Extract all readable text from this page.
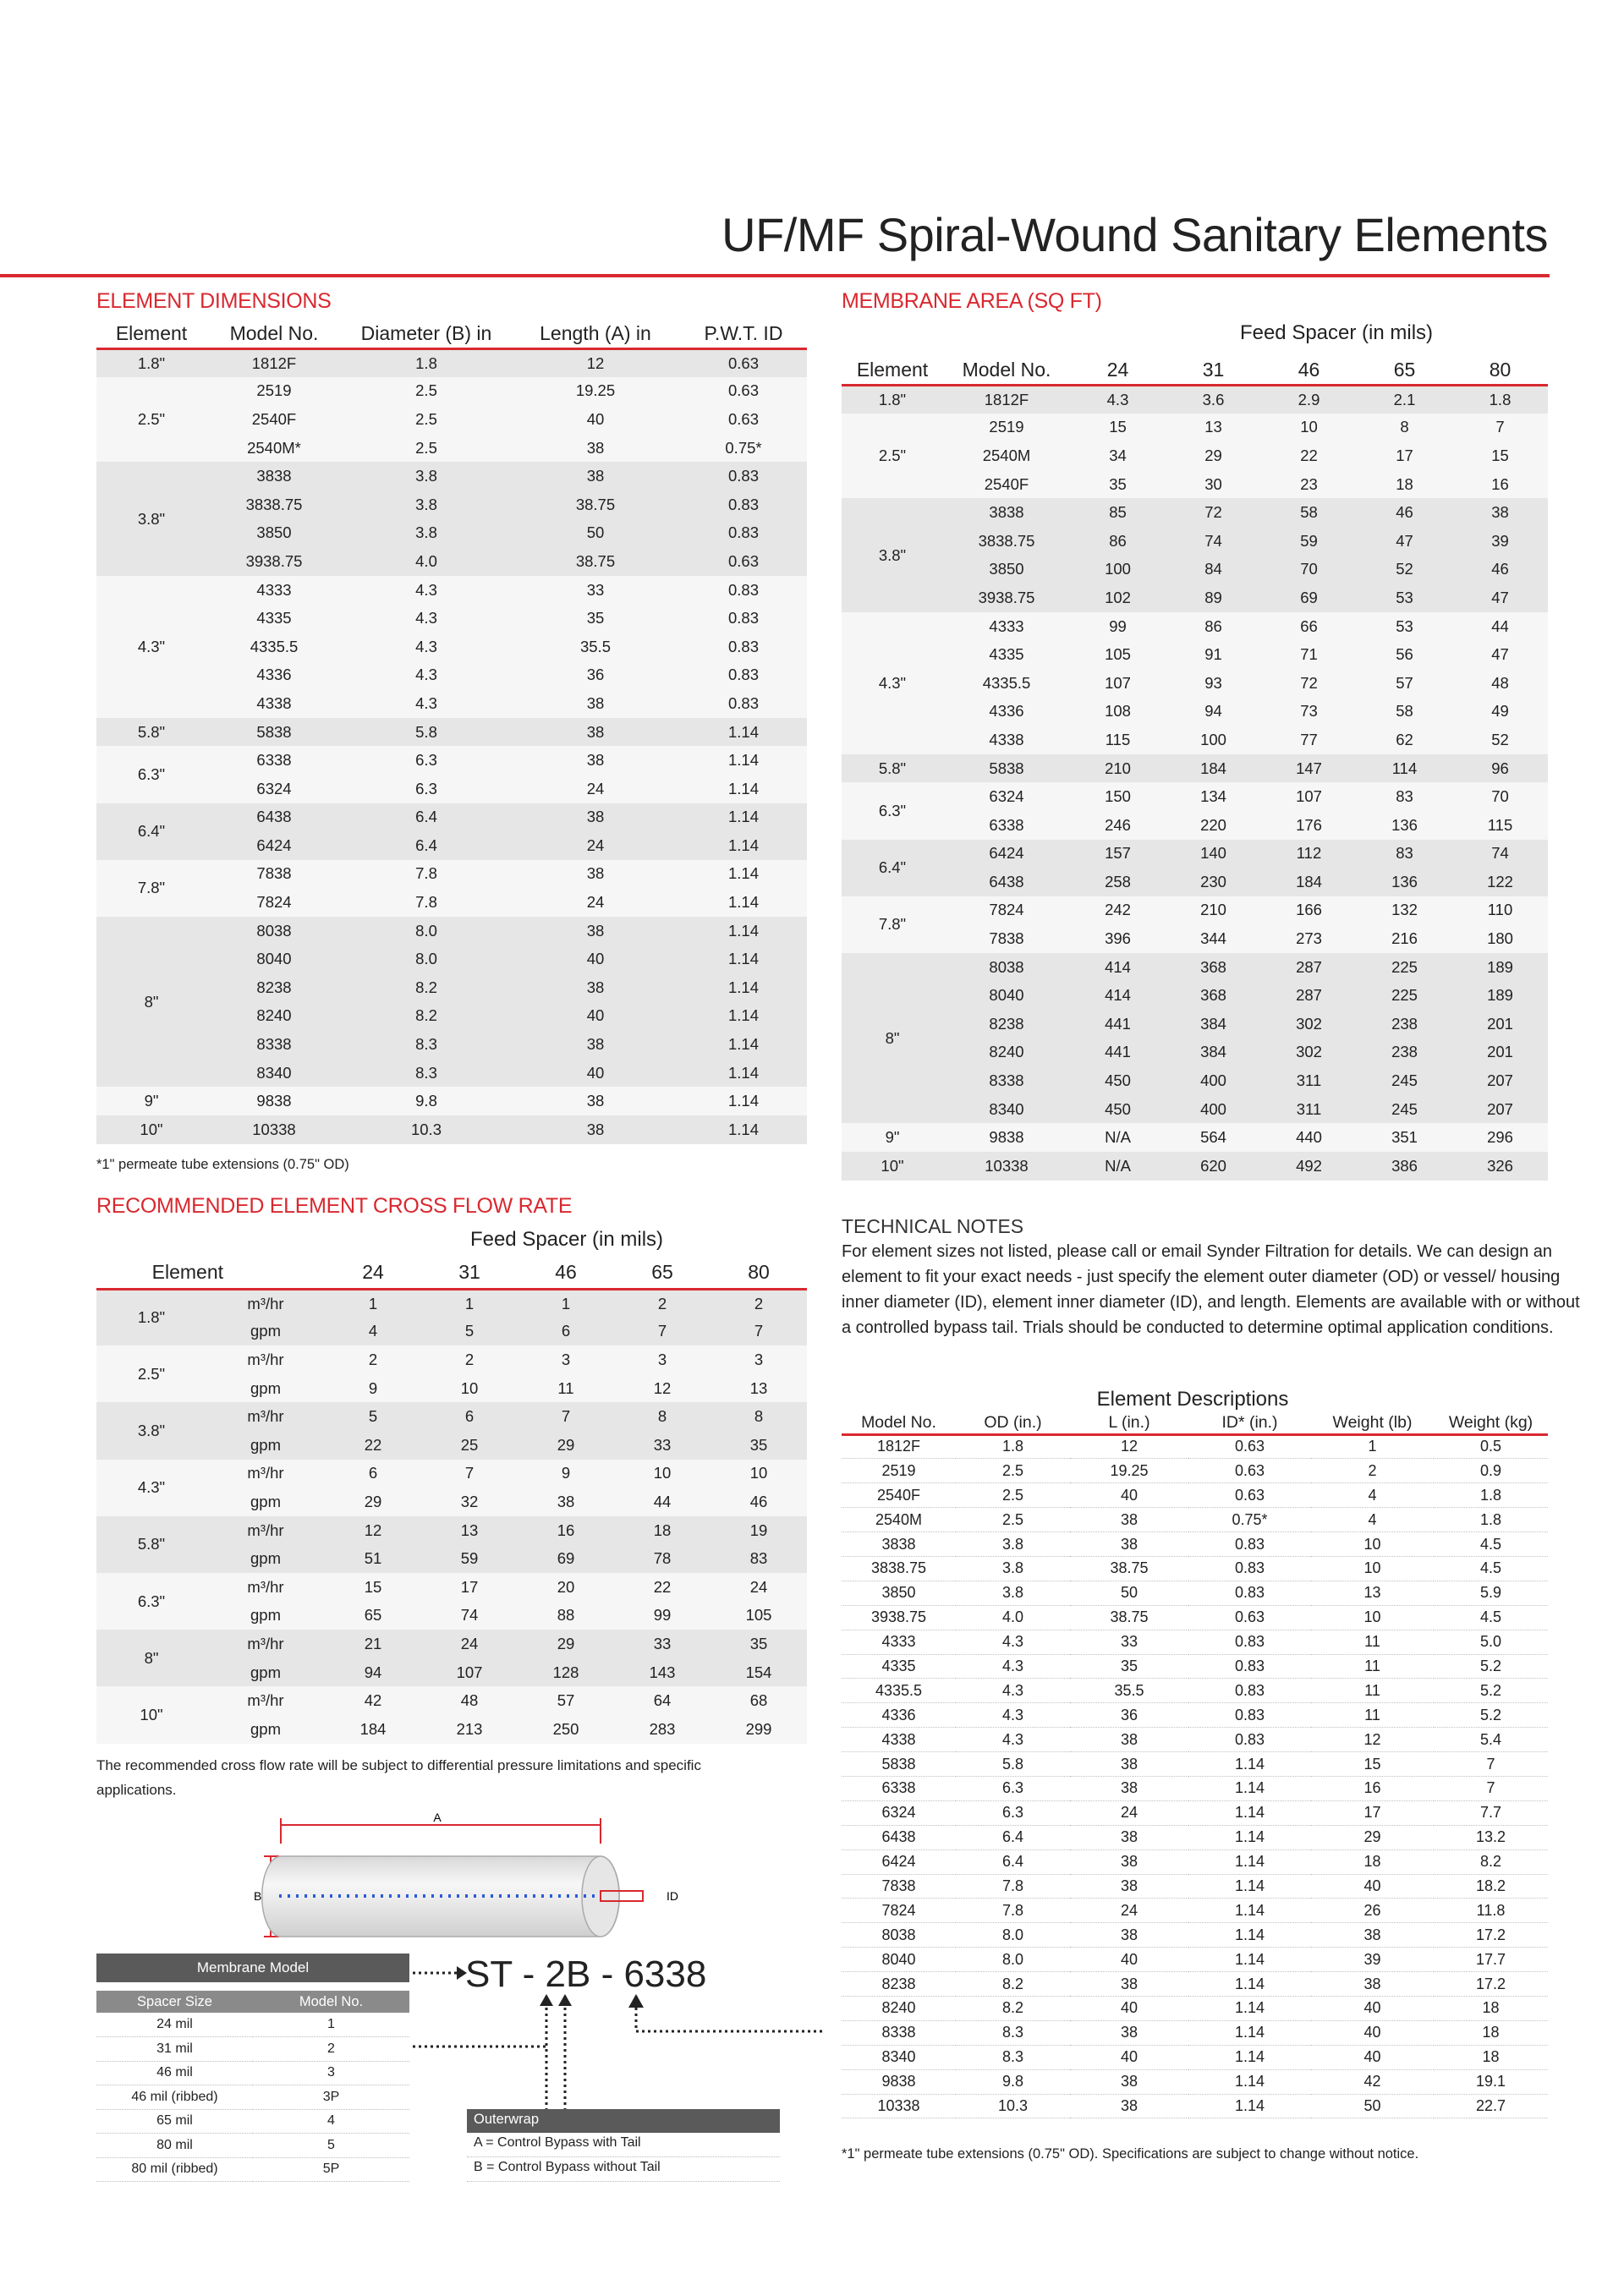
UF/MF Spiral-Wound Sanitary Elements
ELEMENT DIMENSIONS
Element	Model No.	Diameter (B) in	Length (A) in	P.W.T. ID
1.8"	1812F	1.8	12	0.63
2.5"	2519	2.5	19.25	0.63
	2540F	2.5	40	0.63
	2540M*	2.5	38	0.75*
3.8"	3838	3.8	38	0.83
	3838.75	3.8	38.75	0.83
	3850	3.8	50	0.83
	3938.75	4.0	38.75	0.63
4.3"	4333	4.3	33	0.83
	4335	4.3	35	0.83
	4335.5	4.3	35.5	0.83
	4336	4.3	36	0.83
	4338	4.3	38	0.83
5.8"	5838	5.8	38	1.14
6.3"	6338	6.3	38	1.14
	6324	6.3	24	1.14
6.4"	6438	6.4	38	1.14
	6424	6.4	24	1.14
7.8"	7838	7.8	38	1.14
	7824	7.8	24	1.14
8"	8038	8.0	38	1.14
	8040	8.0	40	1.14
	8238	8.2	38	1.14
	8240	8.2	40	1.14
	8338	8.3	38	1.14
	8340	8.3	40	1.14
9"	9838	9.8	38	1.14
10"	10338	10.3	38	1.14
*1" permeate tube extensions (0.75" OD)
MEMBRANE AREA (SQ FT)
Feed Spacer (in mils)
Element	Model No.	24	31	46	65	80
1.8"	1812F	4.3	3.6	2.9	2.1	1.8
2.5"	2519	15	13	10	8	7
	2540M	34	29	22	17	15
	2540F	35	30	23	18	16
3.8"	3838	85	72	58	46	38
	3838.75	86	74	59	47	39
	3850	100	84	70	52	46
	3938.75	102	89	69	53	47
4.3"	4333	99	86	66	53	44
	4335	105	91	71	56	47
	4335.5	107	93	72	57	48
	4336	108	94	73	58	49
	4338	115	100	77	62	52
5.8"	5838	210	184	147	114	96
6.3"	6324	150	134	107	83	70
	6338	246	220	176	136	115
6.4"	6424	157	140	112	83	74
	6438	258	230	184	136	122
7.8"	7824	242	210	166	132	110
	7838	396	344	273	216	180
8"	8038	414	368	287	225	189
	8040	414	368	287	225	189
	8238	441	384	302	238	201
	8240	441	384	302	238	201
	8338	450	400	311	245	207
	8340	450	400	311	245	207
9"	9838	N/A	564	440	351	296
10"	10338	N/A	620	492	386	326
RECOMMENDED ELEMENT CROSS FLOW RATE
Feed Spacer (in mils)
Element		24	31	46	65	80
1.8"	m³/hr	1	1	1	2	2
	gpm	4	5	6	7	7
2.5"	m³/hr	2	2	3	3	3
	gpm	9	10	11	12	13
3.8"	m³/hr	5	6	7	8	8
	gpm	22	25	29	33	35
4.3"	m³/hr	6	7	9	10	10
	gpm	29	32	38	44	46
5.8"	m³/hr	12	13	16	18	19
	gpm	51	59	69	78	83
6.3"	m³/hr	15	17	20	22	24
	gpm	65	74	88	99	105
8"	m³/hr	21	24	29	33	35
	gpm	94	107	128	143	154
10"	m³/hr	42	48	57	64	68
	gpm	184	213	250	283	299
The recommended cross flow rate will be subject to differential pressure limitations and specific applications.
TECHNICAL NOTES
For element sizes not listed, please call or email Synder Filtration for details. We can design an element to fit your exact needs - just specify the element outer diameter (OD) or vessel/ housing inner diameter (ID), element inner diameter (ID), and length. Elements are available with or without a controlled bypass tail. Trials should be conducted to determine optimal application conditions.
Element Descriptions
Model No.	OD (in.)	L (in.)	ID* (in.)	Weight (lb)	Weight (kg)
1812F	1.8	12	0.63	1	0.5
2519	2.5	19.25	0.63	2	0.9
2540F	2.5	40	0.63	4	1.8
2540M	2.5	38	0.75*	4	1.8
3838	3.8	38	0.83	10	4.5
3838.75	3.8	38.75	0.83	10	4.5
3850	3.8	50	0.83	13	5.9
3938.75	4.0	38.75	0.63	10	4.5
4333	4.3	33	0.83	11	5.0
4335	4.3	35	0.83	11	5.2
4335.5	4.3	35.5	0.83	11	5.2
4336	4.3	36	0.83	11	5.2
4338	4.3	38	0.83	12	5.4
5838	5.8	38	1.14	15	7
6338	6.3	38	1.14	16	7
6324	6.3	24	1.14	17	7.7
6438	6.4	38	1.14	29	13.2
6424	6.4	38	1.14	18	8.2
7838	7.8	38	1.14	40	18.2
7824	7.8	24	1.14	26	11.8
8038	8.0	38	1.14	38	17.2
8040	8.0	40	1.14	39	17.7
8238	8.2	38	1.14	38	17.2
8240	8.2	40	1.14	40	18
8338	8.3	38	1.14	40	18
8340	8.3	40	1.14	40	18
9838	9.8	38	1.14	42	19.1
10338	10.3	38	1.14	50	22.7
*1" permeate tube extensions (0.75" OD). Specifications are subject to change without notice.
A
B	ID
Membrane Model	

Spacer Size	Model No.
24 mil	1
31 mil	2
46 mil	3
46 mil (ribbed)	3P
65 mil	4
80 mil	5
80 mil (ribbed)	5P
ST - 2B - 6338
Outerwrap
A = Control Bypass with Tail
B = Control Bypass without Tail
